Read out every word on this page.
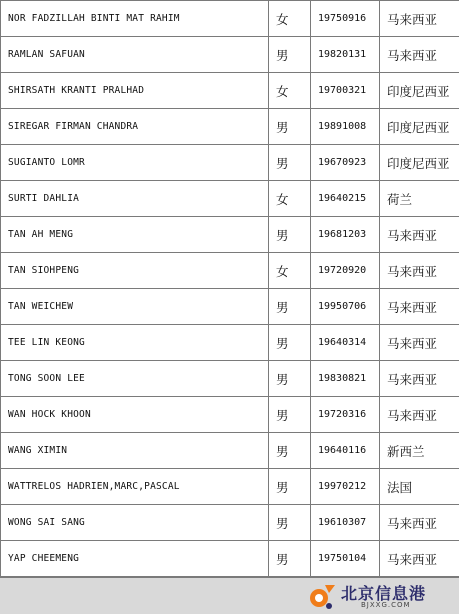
NOR FADZILLAH BINTI MAT RAHIM	女	19750916	马来西亚
RAMLAN SAFUAN	男	19820131	马来西亚
SHIRSATH KRANTI PRALHAD	女	19700321	印度尼西亚
SIREGAR FIRMAN CHANDRA	男	19891008	印度尼西亚
SUGIANTO LOMR	男	19670923	印度尼西亚
SURTI DAHLIA	女	19640215	荷兰
TAN AH MENG	男	19681203	马来西亚
TAN SIOHPENG	女	19720920	马来西亚
TAN WEICHEW	男	19950706	马来西亚
TEE LIN KEONG	男	19640314	马来西亚
TONG SOON LEE	男	19830821	马来西亚
WAN HOCK KHOON	男	19720316	马来西亚
WANG XIMIN	男	19640116	新西兰
WATTRELOS HADRIEN,MARC,PASCAL	男	19970212	法国
WONG SAI SANG	男	19610307	马来西亚
YAP CHEEMENG	男	19750104	马来西亚
北京信息港
BJXXG.COM
